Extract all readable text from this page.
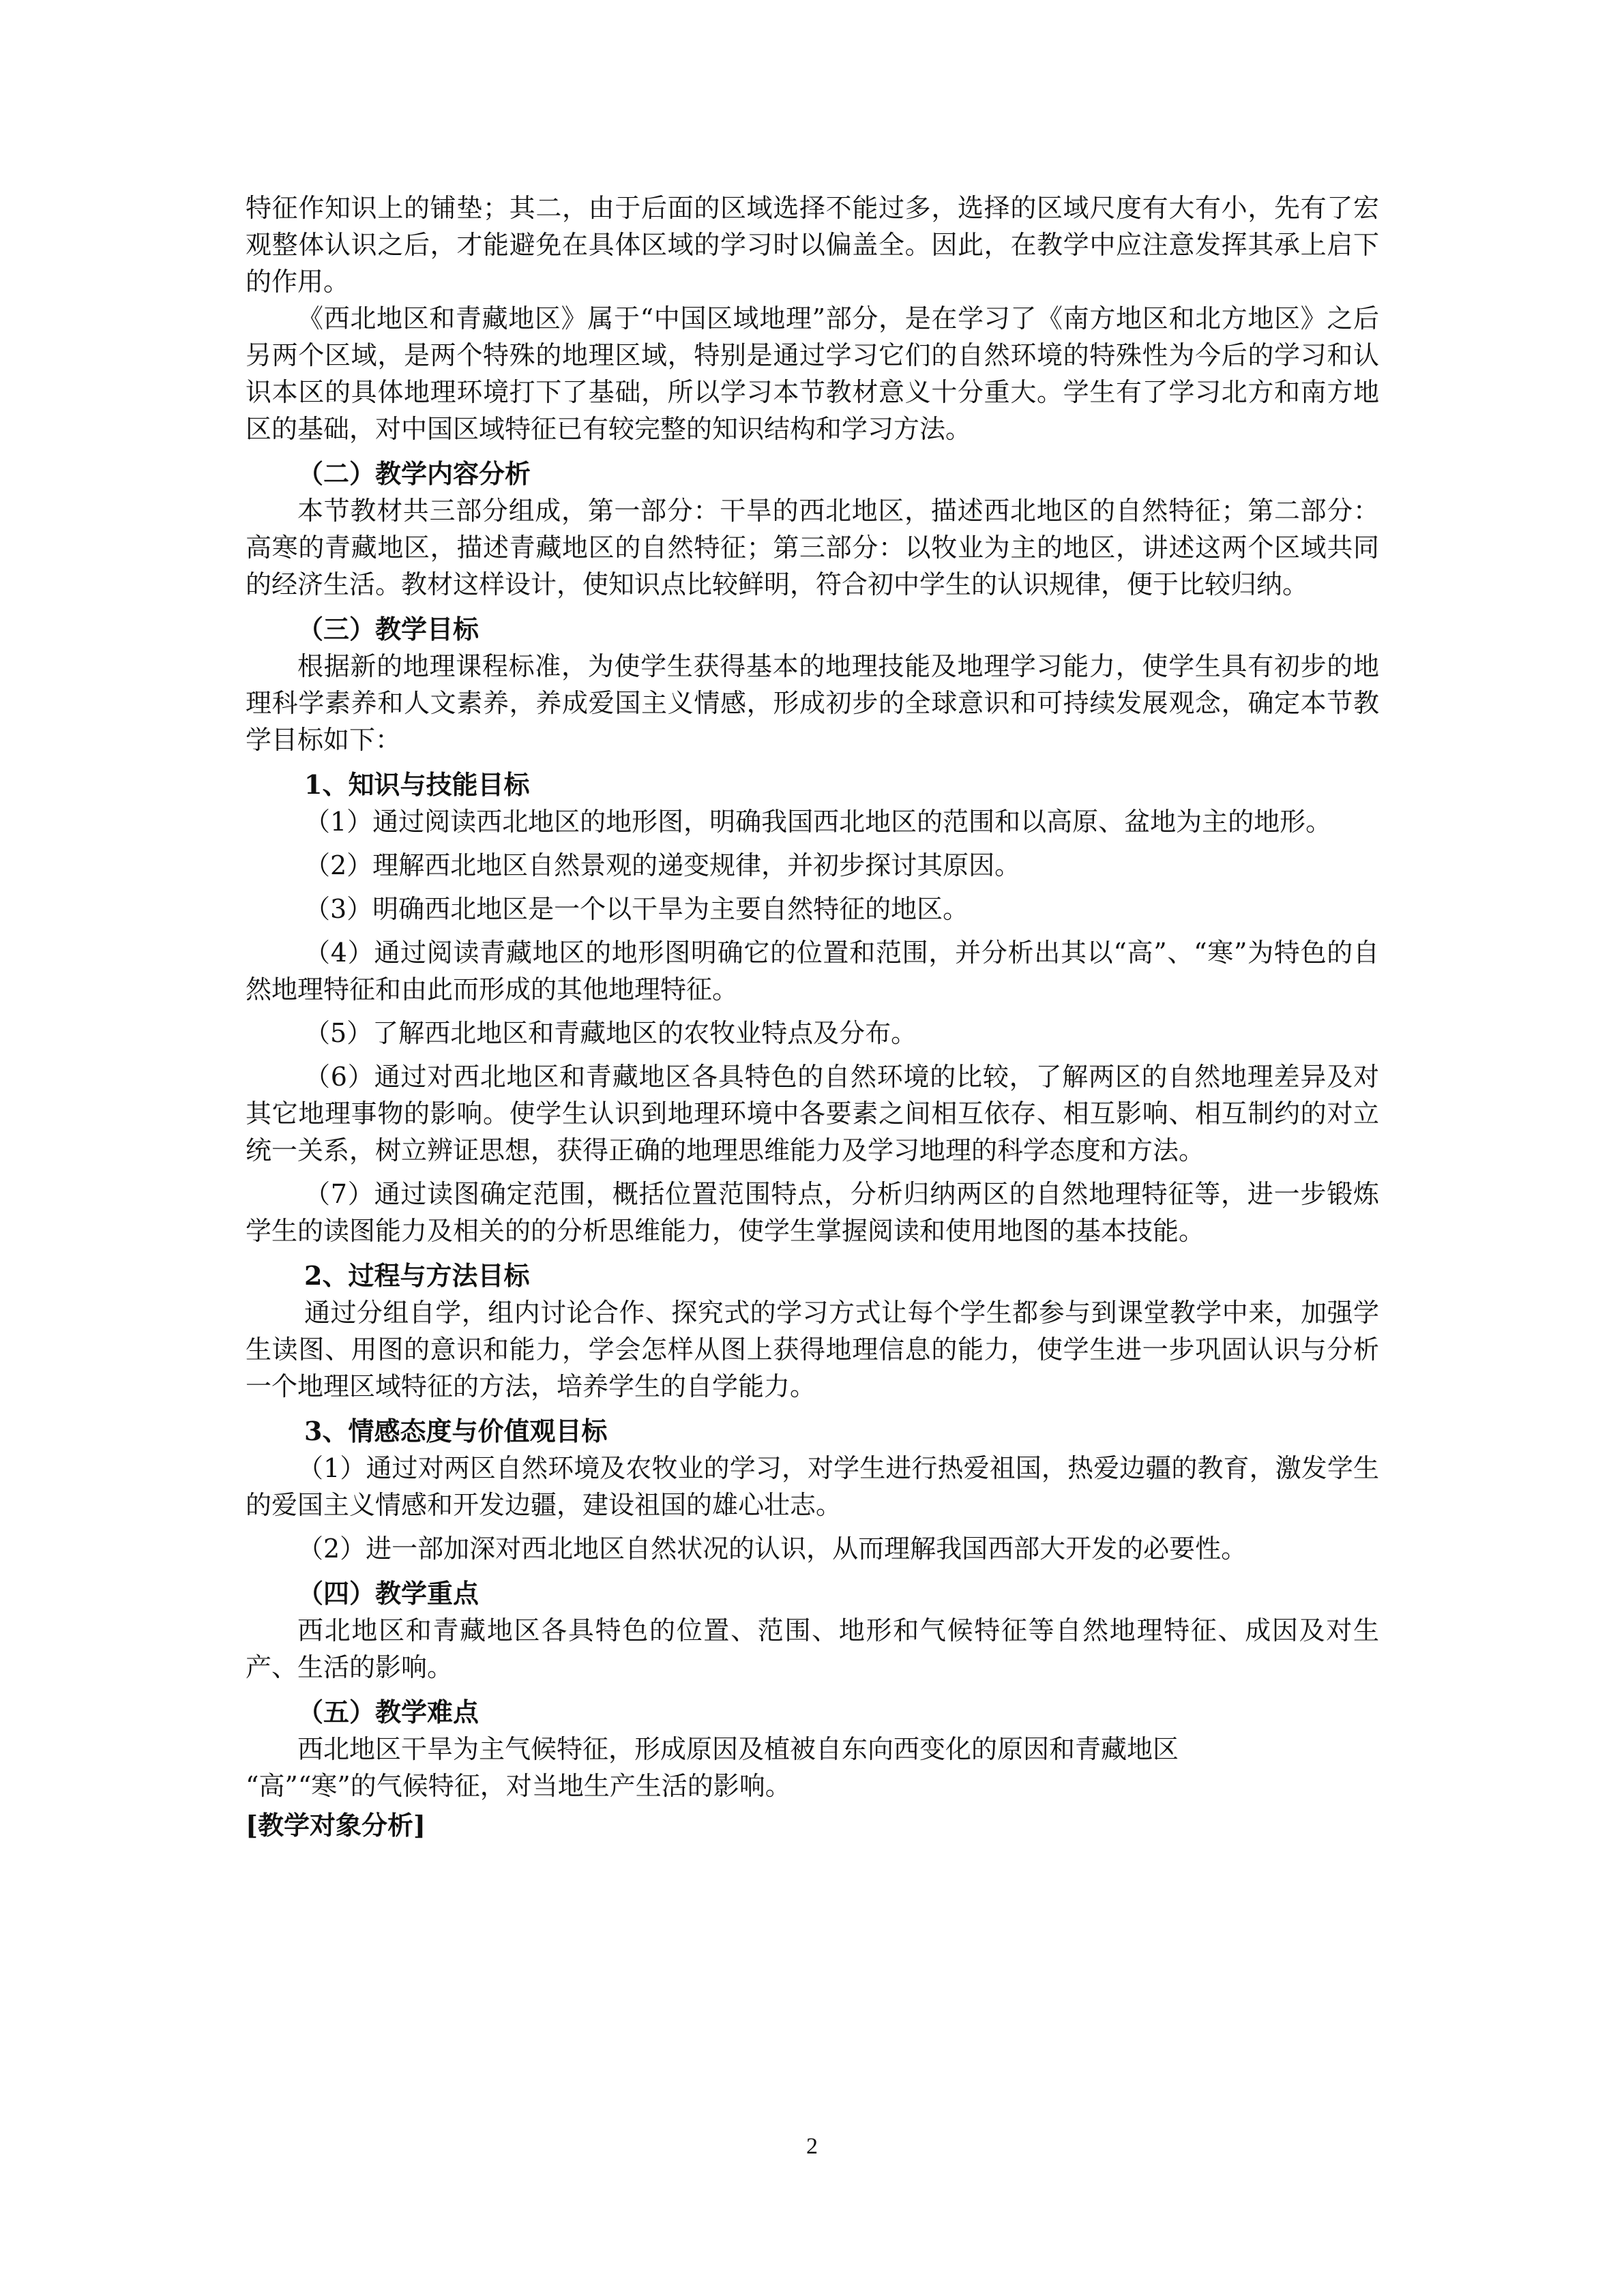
特征作知识上的铺垫；其二，由于后面的区域选择不能过多，选择的区域尺度有大有小，先有了宏观整体认识之后，才能避免在具体区域的学习时以偏盖全。因此，在教学中应注意发挥其承上启下的作用。

《西北地区和青藏地区》属于“中国区域地理”部分，是在学习了《南方地区和北方地区》之后另两个区域，是两个特殊的地理区域，特别是通过学习它们的自然环境的特殊性为今后的学习和认识本区的具体地理环境打下了基础，所以学习本节教材意义十分重大。学生有了学习北方和南方地区的基础，对中国区域特征已有较完整的知识结构和学习方法。

（二）教学内容分析

本节教材共三部分组成，第一部分：干旱的西北地区，描述西北地区的自然特征；第二部分：高寒的青藏地区，描述青藏地区的自然特征；第三部分：以牧业为主的地区，讲述这两个区域共同的经济生活。教材这样设计，使知识点比较鲜明，符合初中学生的认识规律，便于比较归纳。

（三）教学目标

根据新的地理课程标准，为使学生获得基本的地理技能及地理学习能力，使学生具有初步的地理科学素养和人文素养，养成爱国主义情感，形成初步的全球意识和可持续发展观念，确定本节教学目标如下：

1、知识与技能目标

（1）通过阅读西北地区的地形图，明确我国西北地区的范围和以高原、盆地为主的地形。

（2）理解西北地区自然景观的递变规律，并初步探讨其原因。

（3）明确西北地区是一个以干旱为主要自然特征的地区。

（4）通过阅读青藏地区的地形图明确它的位置和范围，并分析出其以“高”、“寒”为特色的自然地理特征和由此而形成的其他地理特征。

（5）了解西北地区和青藏地区的农牧业特点及分布。

（6）通过对西北地区和青藏地区各具特色的自然环境的比较，了解两区的自然地理差异及对其它地理事物的影响。使学生认识到地理环境中各要素之间相互依存、相互影响、相互制约的对立统一关系，树立辨证思想，获得正确的地理思维能力及学习地理的科学态度和方法。

（7）通过读图确定范围，概括位置范围特点，分析归纳两区的自然地理特征等，进一步锻炼学生的读图能力及相关的的分析思维能力，使学生掌握阅读和使用地图的基本技能。

2、过程与方法目标

通过分组自学，组内讨论合作、探究式的学习方式让每个学生都参与到课堂教学中来，加强学生读图、用图的意识和能力，学会怎样从图上获得地理信息的能力，使学生进一步巩固认识与分析一个地理区域特征的方法，培养学生的自学能力。

3、情感态度与价值观目标

（1）通过对两区自然环境及农牧业的学习，对学生进行热爱祖国，热爱边疆的教育，激发学生的爱国主义情感和开发边疆，建设祖国的雄心壮志。

（2）进一部加深对西北地区自然状况的认识，从而理解我国西部大开发的必要性。

（四）教学重点

西北地区和青藏地区各具特色的位置、范围、地形和气候特征等自然地理特征、成因及对生产、生活的影响。

（五）教学难点

西北地区干旱为主气候特征，形成原因及植被自东向西变化的原因和青藏地区

“高”“寒”的气候特征，对当地生产生活的影响。

[教学对象分析]

2
